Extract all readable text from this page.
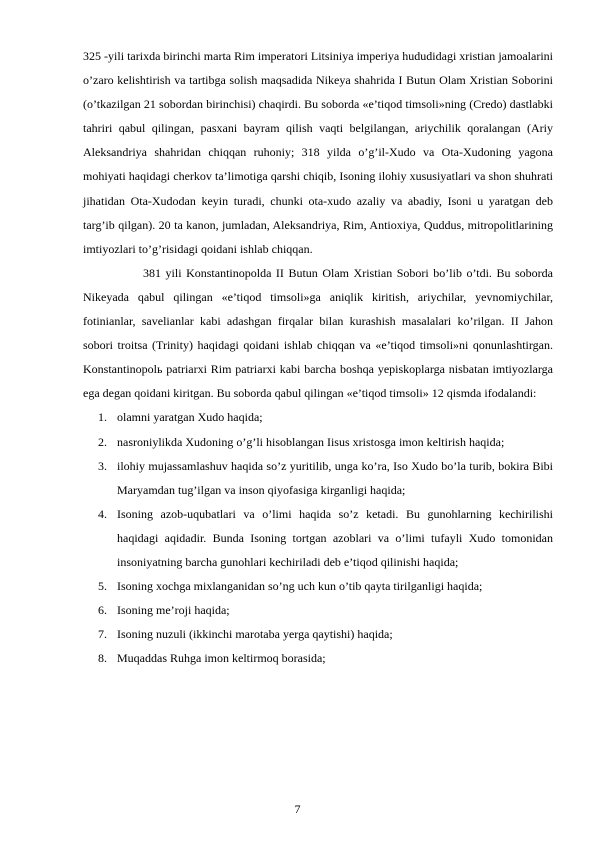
325 -yili tarixda birinchi marta Rim imperatori Litsiniya imperiya hududidagi xristian jamoalarini o’zaro kelishtirish va tartibga solish maqsadida Nikeya shahrida I Butun Olam Xristian Soborini (o’tkazilgan 21 sobordan birinchisi) chaqirdi. Bu soborda «e’tiqod timsoli»ning (Credo) dastlabki tahriri qabul qilingan, pasxani bayram qilish vaqti belgilangan, ariychilik qoralangan (Ariy Aleksandriya shahridan chiqqan ruhoniy; 318 yilda o’g’il-Xudo va Ota-Xudoning yagona mohiyati haqidagi cherkov ta’limotiga qarshi chiqib, Isoning ilohiy xususiyatlari va shon shuhrati jihatidan Ota-Xudodan keyin turadi, chunki ota-xudo azaliy va abadiy, Isoni u yaratgan deb targ’ib qilgan). 20 ta kanon, jumladan, Aleksandriya, Rim, Antioxiya, Quddus, mitropolitlarining imtiyozlari to’g’risidagi qoidani ishlab chiqqan.

381 yili Konstantinopolda II Butun Olam Xristian Sobori bo’lib o’tdi. Bu soborda Nikeyada qabul qilingan «e’tiqod timsoli»ga aniqlik kiritish, ariychilar, yevnomiychilar, fotinianlar, savelianlar kabi adashgan firqalar bilan kurashish masalalari ko’rilgan. II Jahon sobori troitsa (Trinity) haqidagi qoidani ishlab chiqqan va «e’tiqod timsoli»ni qonunlashtirgan. Konstantinopolь patriarxi Rim patriarxi kabi barcha boshqa yepiskoplarga nisbatan imtiyozlarga ega degan qoidani kiritgan. Bu soborda qabul qilingan «e’tiqod timsoli» 12 qismda ifodalandi:

1. olamni yaratgan Xudo haqida;
2. nasroniylikda Xudoning o’g’li hisoblangan Iisus xristosga imon keltirish haqida;
3. ilohiy mujassamlashuv haqida so’z yuritilib, unga ko’ra, Iso Xudo bo’la turib, bokira Bibi Maryamdan tug’ilgan va inson qiyofasiga kirganligi haqida;
4. Isoning azob-uqubatlari va o’limi haqida so’z ketadi. Bu gunohlarning kechirilishi haqidagi aqidadir. Bunda Isoning tortgan azoblari va o’limi tufayli Xudo tomonidan insoniyatning barcha gunohlari kechiriladi deb e’tiqod qilinishi haqida;
5. Isoning xochga mixlanganidan so’ng uch kun o’tib qayta tirilganligi haqida;
6. Isoning me’roji haqida;
7. Isoning nuzuli (ikkinchi marotaba yerga qaytishi) haqida;
8. Muqaddas Ruhga imon keltirmoq borasida;
7
